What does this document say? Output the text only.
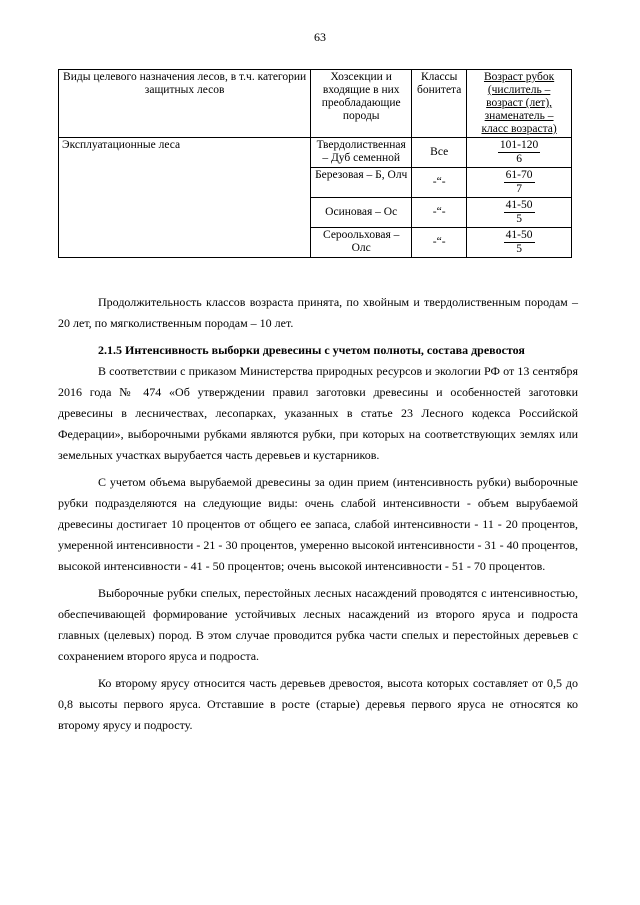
63
Виды целевого назначения лесов, в т.ч. категории защитных лесов	Хозсекции и входящие в них преобладающие породы	Классы бонитета	Возраст рубок (числитель – возраст (лет), знаменатель – класс возраста)
Эксплуатационные леса	Твердолиственная – Дуб семенной	Все	$\frac{101-120}{6}$

	Березовая – Б, Олч	-“-	$\frac{61-70}{7}$

	Осиновая – Ос	-“-	$\frac{41-50}{5}$

	Сероольховая – Олс	-“-	$\frac{41-50}{5}$

Продолжительность классов возраста принята, по хвойным и твердолиственным породам – 20 лет, по мягколиственным породам – 10 лет.

2.1.5 Интенсивность выборки древесины с учетом полноты, состава древостоя

В соответствии с приказом Министерства природных ресурсов и экологии РФ от 13 сентября 2016 года № 474 «Об утверждении правил заготовки древесины и особенностей заготовки древесины в лесничествах, лесопарках, указанных в статье 23 Лесного кодекса Российской Федерации», выборочными рубками являются рубки, при которых на соответствующих землях или земельных участках вырубается часть деревьев и кустарников.

С учетом объема вырубаемой древесины за один прием (интенсивность рубки) выборочные рубки подразделяются на следующие виды: очень слабой интенсивности - объем вырубаемой древесины достигает 10 процентов от общего ее запаса, слабой интенсивности - 11 - 20 процентов, умеренной интенсивности - 21 - 30 процентов, умеренно высокой интенсивности - 31 - 40 процентов, высокой интенсивности - 41 - 50 процентов; очень высокой интенсивности - 51 - 70 процентов.

Выборочные рубки спелых, перестойных лесных насаждений проводятся с интенсивностью, обеспечивающей формирование устойчивых лесных насаждений из второго яруса и подроста главных (целевых) пород. В этом случае проводится рубка части спелых и перестойных деревьев с сохранением второго яруса и подроста.

Ко второму ярусу относится часть деревьев древостоя, высота которых составляет от 0,5 до 0,8 высоты первого яруса. Отставшие в росте (старые) деревья первого яруса не относятся ко второму ярусу и подросту.
